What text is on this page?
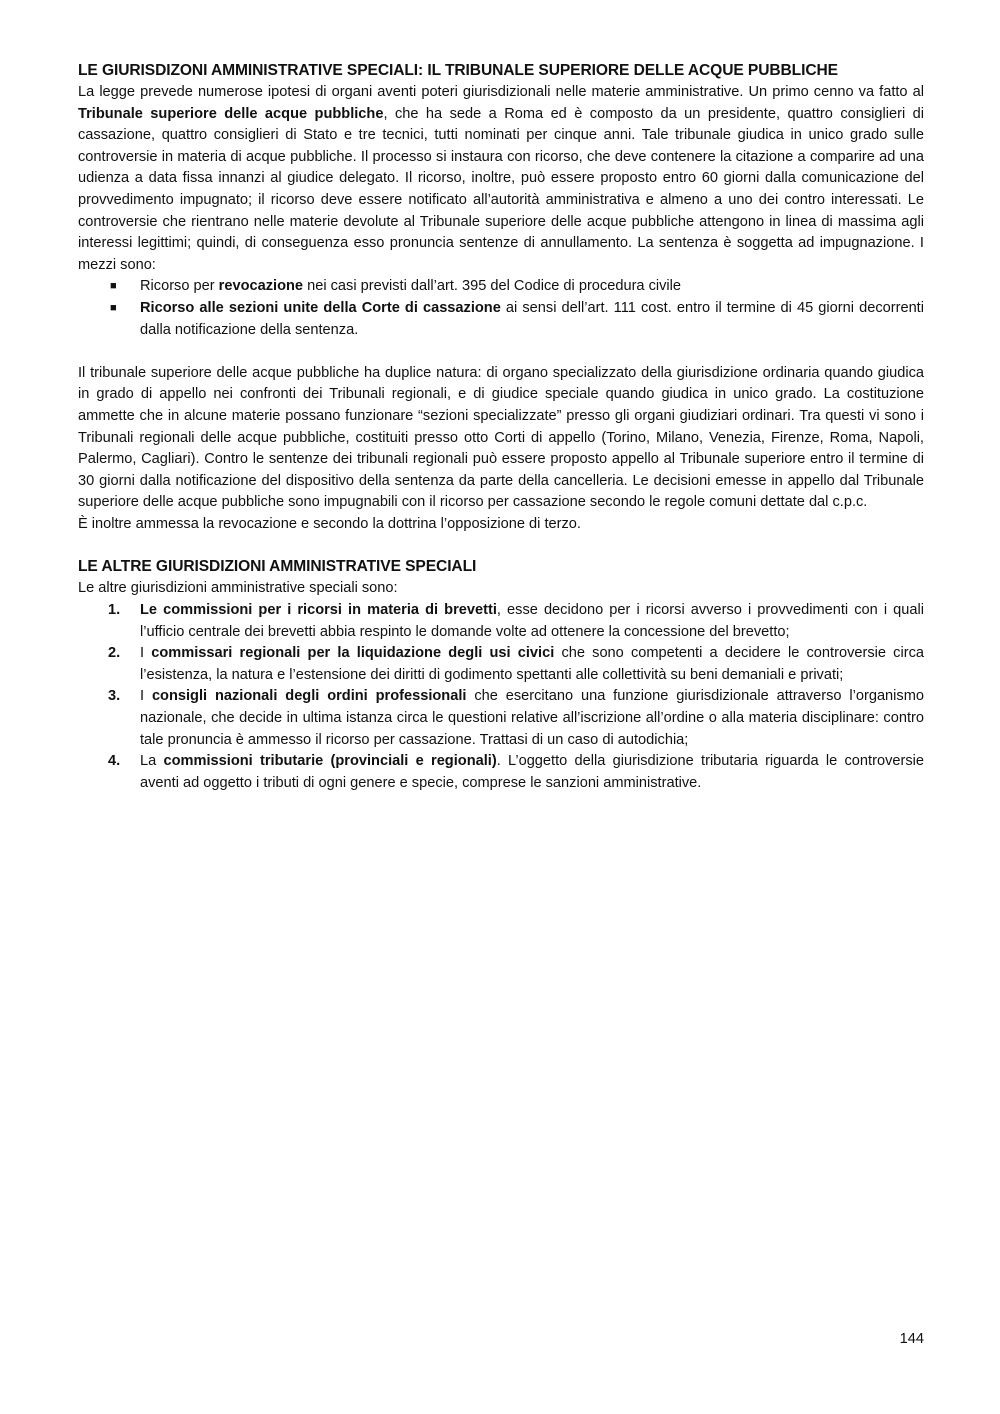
LE GIURISDIZONI AMMINISTRATIVE SPECIALI: IL TRIBUNALE SUPERIORE DELLE ACQUE PUBBLICHE

La legge prevede numerose ipotesi di organi aventi poteri giurisdizionali nelle materie amministrative. Un primo cenno va fatto al Tribunale superiore delle acque pubbliche, che ha sede a Roma ed è composto da un presidente, quattro consiglieri di cassazione, quattro consiglieri di Stato e tre tecnici, tutti nominati per cinque anni. Tale tribunale giudica in unico grado sulle controversie in materia di acque pubbliche. Il processo si instaura con ricorso, che deve contenere la citazione a comparire ad una udienza a data fissa innanzi al giudice delegato. Il ricorso, inoltre, può essere proposto entro 60 giorni dalla comunicazione del provvedimento impugnato; il ricorso deve essere notificato all’autorità amministrativa e almeno a uno dei contro interessati. Le controversie che rientrano nelle materie devolute al Tribunale superiore delle acque pubbliche attengono in linea di massima agli interessi legittimi; quindi, di conseguenza esso pronuncia sentenze di annullamento. La sentenza è soggetta ad impugnazione. I mezzi sono:

■ Ricorso per revocazione nei casi previsti dall’art. 395 del Codice di procedura civile
■ Ricorso alle sezioni unite della Corte di cassazione ai sensi dell’art. 111 cost. entro il termine di 45 giorni decorrenti dalla notificazione della sentenza.

Il tribunale superiore delle acque pubbliche ha duplice natura: di organo specializzato della giurisdizione ordinaria quando giudica in grado di appello nei confronti dei Tribunali regionali, e di giudice speciale quando giudica in unico grado. La costituzione ammette che in alcune materie possano funzionare “sezioni specializzate” presso gli organi giudiziari ordinari. Tra questi vi sono i Tribunali regionali delle acque pubbliche, costituiti presso otto Corti di appello (Torino, Milano, Venezia, Firenze, Roma, Napoli, Palermo, Cagliari). Contro le sentenze dei tribunali regionali può essere proposto appello al Tribunale superiore entro il termine di 30 giorni dalla notificazione del dispositivo della sentenza da parte della cancelleria. Le decisioni emesse in appello dal Tribunale superiore delle acque pubbliche sono impugnabili con il ricorso per cassazione secondo le regole comuni dettate dal c.p.c.

È inoltre ammessa la revocazione e secondo la dottrina l’opposizione di terzo.

LE ALTRE GIURISDIZIONI AMMINISTRATIVE SPECIALI

Le altre giurisdizioni amministrative speciali sono:

1. Le commissioni per i ricorsi in materia di brevetti, esse decidono per i ricorsi avverso i provvedimenti con i quali l’ufficio centrale dei brevetti abbia respinto le domande volte ad ottenere la concessione del brevetto;
2. I commissari regionali per la liquidazione degli usi civici che sono competenti a decidere le controversie circa l’esistenza, la natura e l’estensione dei diritti di godimento spettanti alle collettività su beni demaniali e privati;
3. I consigli nazionali degli ordini professionali che esercitano una funzione giurisdizionale attraverso l’organismo nazionale, che decide in ultima istanza circa le questioni relative all’iscrizione all’ordine o alla materia disciplinare: contro tale pronuncia è ammesso il ricorso per cassazione. Trattasi di un caso di autodichia;
4. La commissioni tributarie (provinciali e regionali). L’oggetto della giurisdizione tributaria riguarda le controversie aventi ad oggetto i tributi di ogni genere e specie, comprese le sanzioni amministrative.
144
